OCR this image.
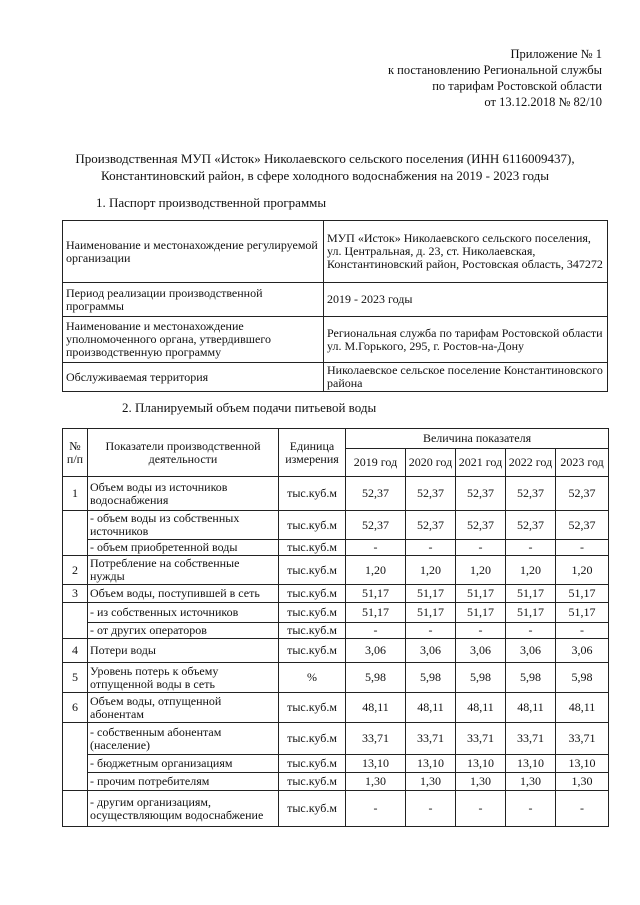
Приложение № 1
к постановлению Региональной службы
по тарифам Ростовской области
от 13.12.2018 № 82/10
Производственная МУП «Исток» Николаевского сельского поселения (ИНН 6116009437),
Константиновский район, в сфере холодного водоснабжения на 2019 - 2023 годы
1. Паспорт производственной программы
Наименование и местонахождение регулируемой организации	МУП «Исток» Николаевского сельского поселения, ул. Центральная, д. 23, ст. Николаевская, Константиновский район, Ростовская область, 347272
Период реализации производственной программы	2019 - 2023 годы
Наименование и местонахождение уполномоченного органа, утвердившего производственную программу	Региональная служба по тарифам Ростовской области ул. М.Горького, 295, г. Ростов-на-Дону
Обслуживаемая территория	Николаевское сельское поселение Константиновского района
2. Планируемый объем подачи питьевой воды
№ п/п	Показатели производственной деятельности	Единица измерения	Величина показателя				
			2019 год	2020 год	2021 год	2022 год	2023 год
1	Объем воды из источников водоснабжения	тыс.куб.м	52,37	52,37	52,37	52,37	52,37
	- объем воды из собственных источников	тыс.куб.м	52,37	52,37	52,37	52,37	52,37
	- объем приобретенной воды	тыс.куб.м	-	-	-	-	-
2	Потребление на собственные нужды	тыс.куб.м	1,20	1,20	1,20	1,20	1,20
3	Объем воды, поступившей в сеть	тыс.куб.м	51,17	51,17	51,17	51,17	51,17
	- из собственных источников	тыс.куб.м	51,17	51,17	51,17	51,17	51,17
	- от других операторов	тыс.куб.м	-	-	-	-	-
4	Потери воды	тыс.куб.м	3,06	3,06	3,06	3,06	3,06
5	Уровень потерь к объему отпущенной воды в сеть	%	5,98	5,98	5,98	5,98	5,98
6	Объем воды, отпущенной абонентам	тыс.куб.м	48,11	48,11	48,11	48,11	48,11
	- собственным абонентам (население)	тыс.куб.м	33,71	33,71	33,71	33,71	33,71
	- бюджетным организациям	тыс.куб.м	13,10	13,10	13,10	13,10	13,10
	- прочим потребителям	тыс.куб.м	1,30	1,30	1,30	1,30	1,30
	- другим организациям, осуществляющим водоснабжение	тыс.куб.м	-	-	-	-	-
